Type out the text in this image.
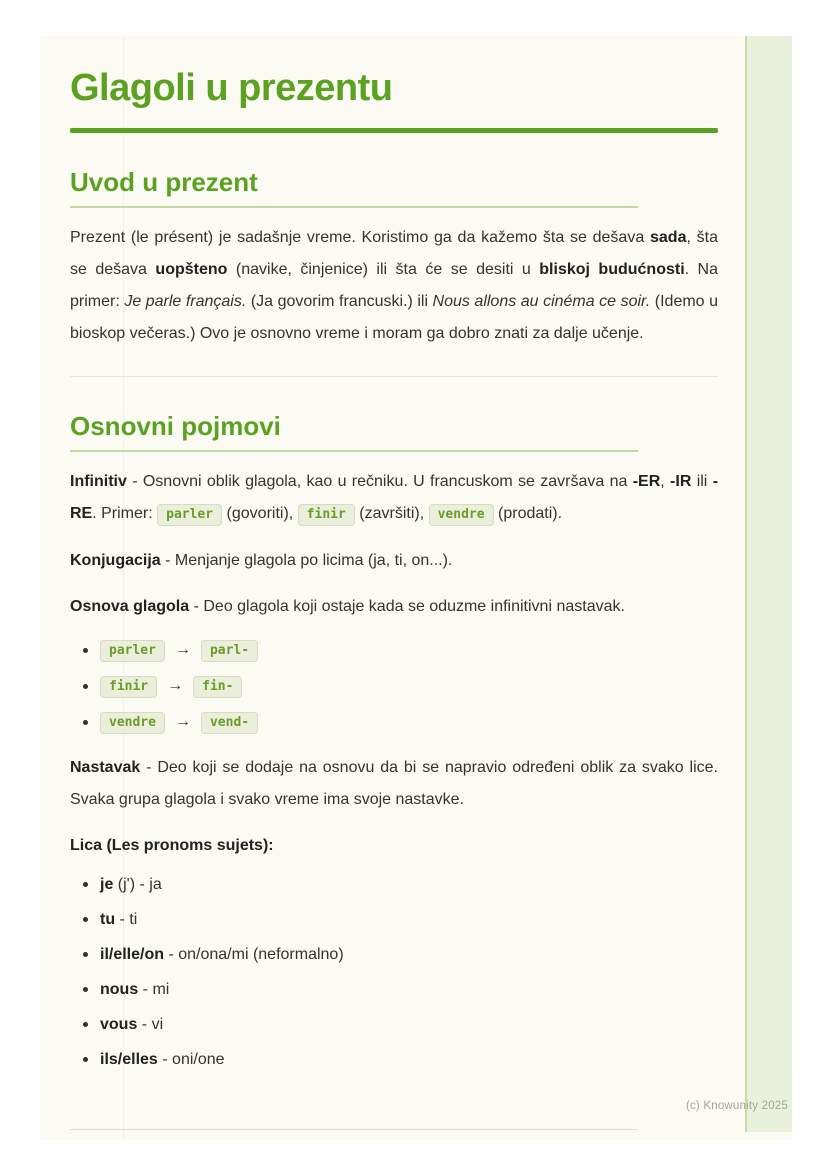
Glagoli u prezentu
Uvod u prezent

Prezent (le présent) je sadašnje vreme. Koristimo ga da kažemo šta se dešava sada, šta se dešava uopšteno (navike, činjenice) ili šta će se desiti u bliskoj budućnosti. Na primer: Je parle français. (Ja govorim francuski.) ili Nous allons au cinéma ce soir. (Idemo u bioskop večeras.) Ovo je osnovno vreme i moram ga dobro znati za dalje učenje.

Osnovni pojmovi

Infinitiv - Osnovni oblik glagola, kao u rečniku. U francuskom se završava na -ER, -IR ili -RE. Primer: parler (govoriti), finir (završiti), vendre (prodati).

Konjugacija - Menjanje glagola po licima (ja, ti, on...).

Osnova glagola - Deo glagola koji ostaje kada se oduzme infinitivni nastavak.

parler → parl-
finir → fin-
vendre → vend-

Nastavak - Deo koji se dodaje na osnovu da bi se napravio određeni oblik za svako lice. Svaka grupa glagola i svako vreme ima svoje nastavke.

Lica (Les pronoms sujets):

je (j') - ja
tu - ti
il/elle/on - on/ona/mi (neformalno)
nous - mi
vous - vi
ils/elles - oni/one
(c) Knowunity 2025
